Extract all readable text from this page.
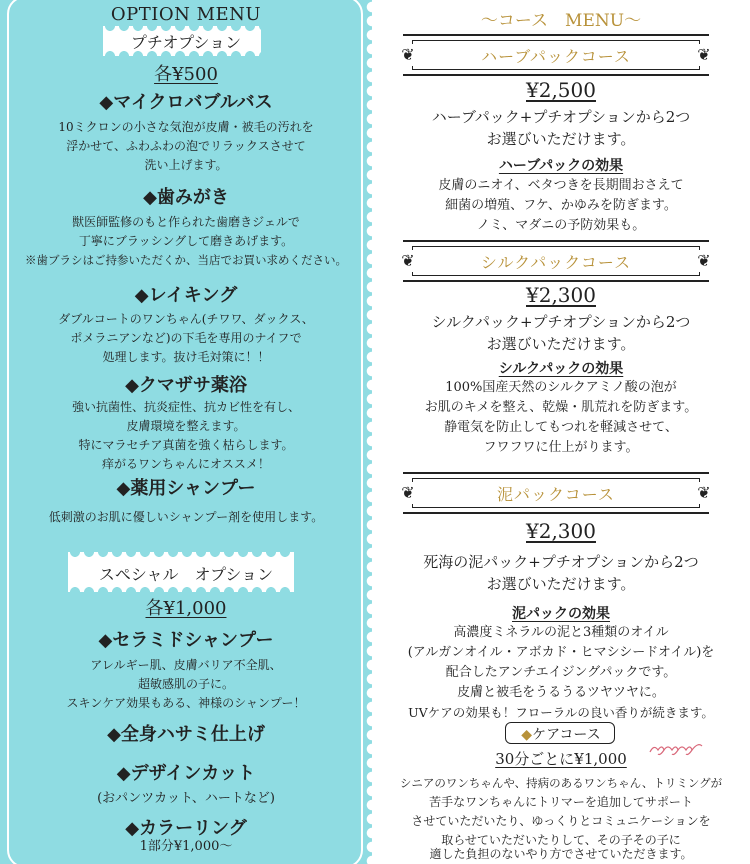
OPTION MENU
プチオプション
各¥500
◆マイクロバブルバス
10ミクロンの小さな気泡が皮膚・被毛の汚れを
浮かせて、ふわふわの泡でリラックスさせて
洗い上げます。
◆歯みがき
獣医師監修のもと作られた歯磨きジェルで
丁寧にブラッシングして磨きあげます。
※歯ブラシはご持参いただくか、当店でお買い求めください。
◆レイキング
ダブルコートのワンちゃん(チワワ、ダックス、
ポメラニアンなど)の下毛を専用のナイフで
処理します。抜け毛対策に！！
◆クマザサ薬浴
強い抗菌性、抗炎症性、抗カビ性を有し、
皮膚環境を整えます。
特にマラセチア真菌を強く枯らします。
痒がるワンちゃんにオススメ！
◆薬用シャンプー
低刺激のお肌に優しいシャンプー剤を使用します。
スペシャル　オプション
各¥1,000
◆セラミドシャンプー
アレルギー肌、皮膚バリア不全肌、
超敏感肌の子に。
スキンケア効果もある、神様のシャンプー！
◆全身ハサミ仕上げ
◆デザインカット
(おパンツカット、ハートなど)
◆カラーリング
1部分¥1,000～
～コース　MENU～
❦	❦
ハーブパックコース
¥2,500
ハーブパック+プチオプションから2つ
お選びいただけます。
ハーブパックの効果
皮膚のニオイ、ベタつきを長期間おさえて
細菌の増殖、フケ、かゆみを防ぎます。
ノミ、マダニの予防効果も。
❦	❦
シルクパックコース
¥2,300
シルクパック+プチオプションから2つ
お選びいただけます。
シルクパックの効果
100%国産天然のシルクアミノ酸の泡が
お肌のキメを整え、乾燥・肌荒れを防ぎます。
静電気を防止してもつれを軽減させて、
フワフワに仕上がります。
❦	❦
泥パックコース
¥2,300
死海の泥パック+プチオプションから2つ
お選びいただけます。
泥パックの効果
高濃度ミネラルの泥と3種類のオイル
(アルガンオイル・アボカド・ヒマシシードオイル)を
配合したアンチエイジングパックです。
皮膚と被毛をうるうるツヤツヤに。
UVケアの効果も！フローラルの良い香りが続きます。
◆ケアコース
30分ごとに¥1,000
シニアのワンちゃんや、持病のあるワンちゃん、トリミングが
苦手なワンちゃんにトリマーを追加してサポート
させていただいたり、ゆっくりとコミュニケーションを
取らせていただいたりして、その子その子に
適した負担のないやり方でさせていただきます。
